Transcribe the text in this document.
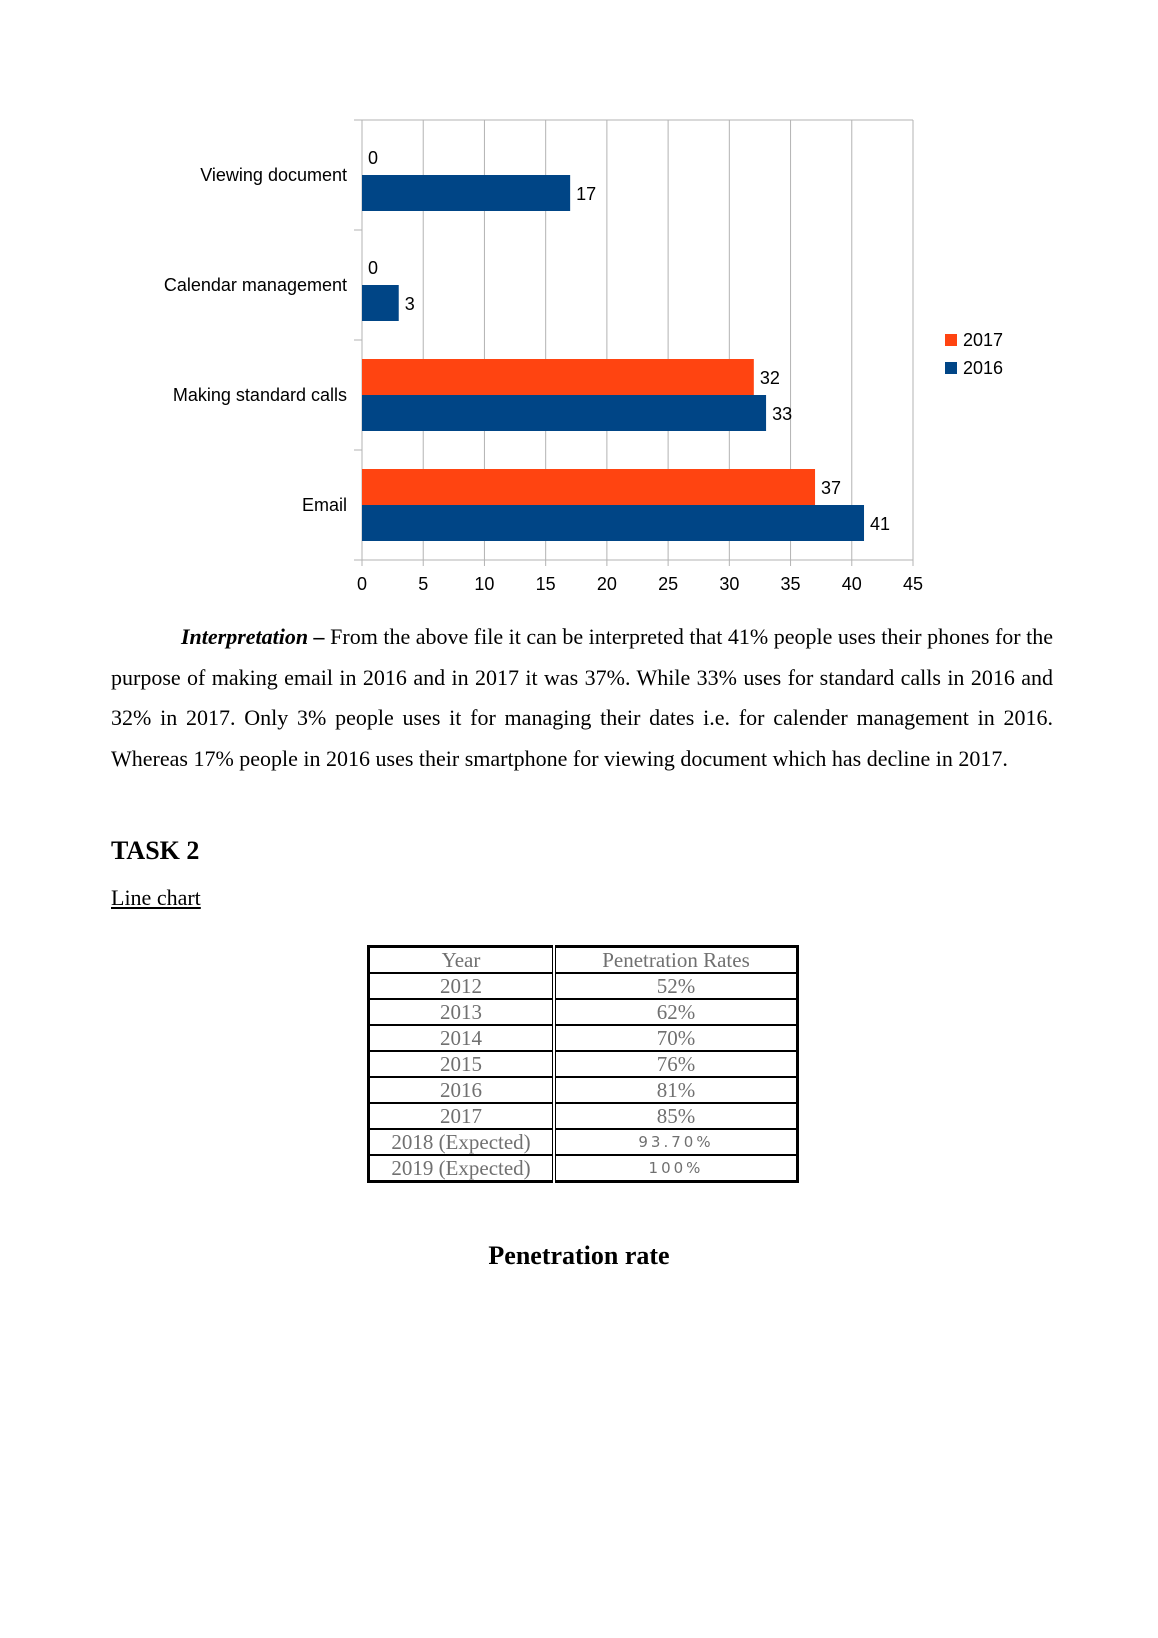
0	5	10 15 20 25 30 35 40 45
Viewing document
0
17
Calendar management
0
3
Making standard calls
32
33
Email
37
41
2017
2016

Interpretation – From the above file it can be interpreted that 41% people uses their phones for the purpose of making email in 2016 and in 2017 it was 37%. While 33% uses for standard calls in 2016 and 32% in 2017. Only 3% people uses it for managing their dates i.e. for calender management in 2016. Whereas 17% people in 2016 uses their smartphone for viewing document which has decline in 2017.

TASK 2
Line chart
Year	Penetration Rates
2012	52%
2013	62%
2014	70%
2015	76%
2016	81%
2017	85%
2018 (Expected)	93.70%
2019 (Expected)	100%

Penetration rate
